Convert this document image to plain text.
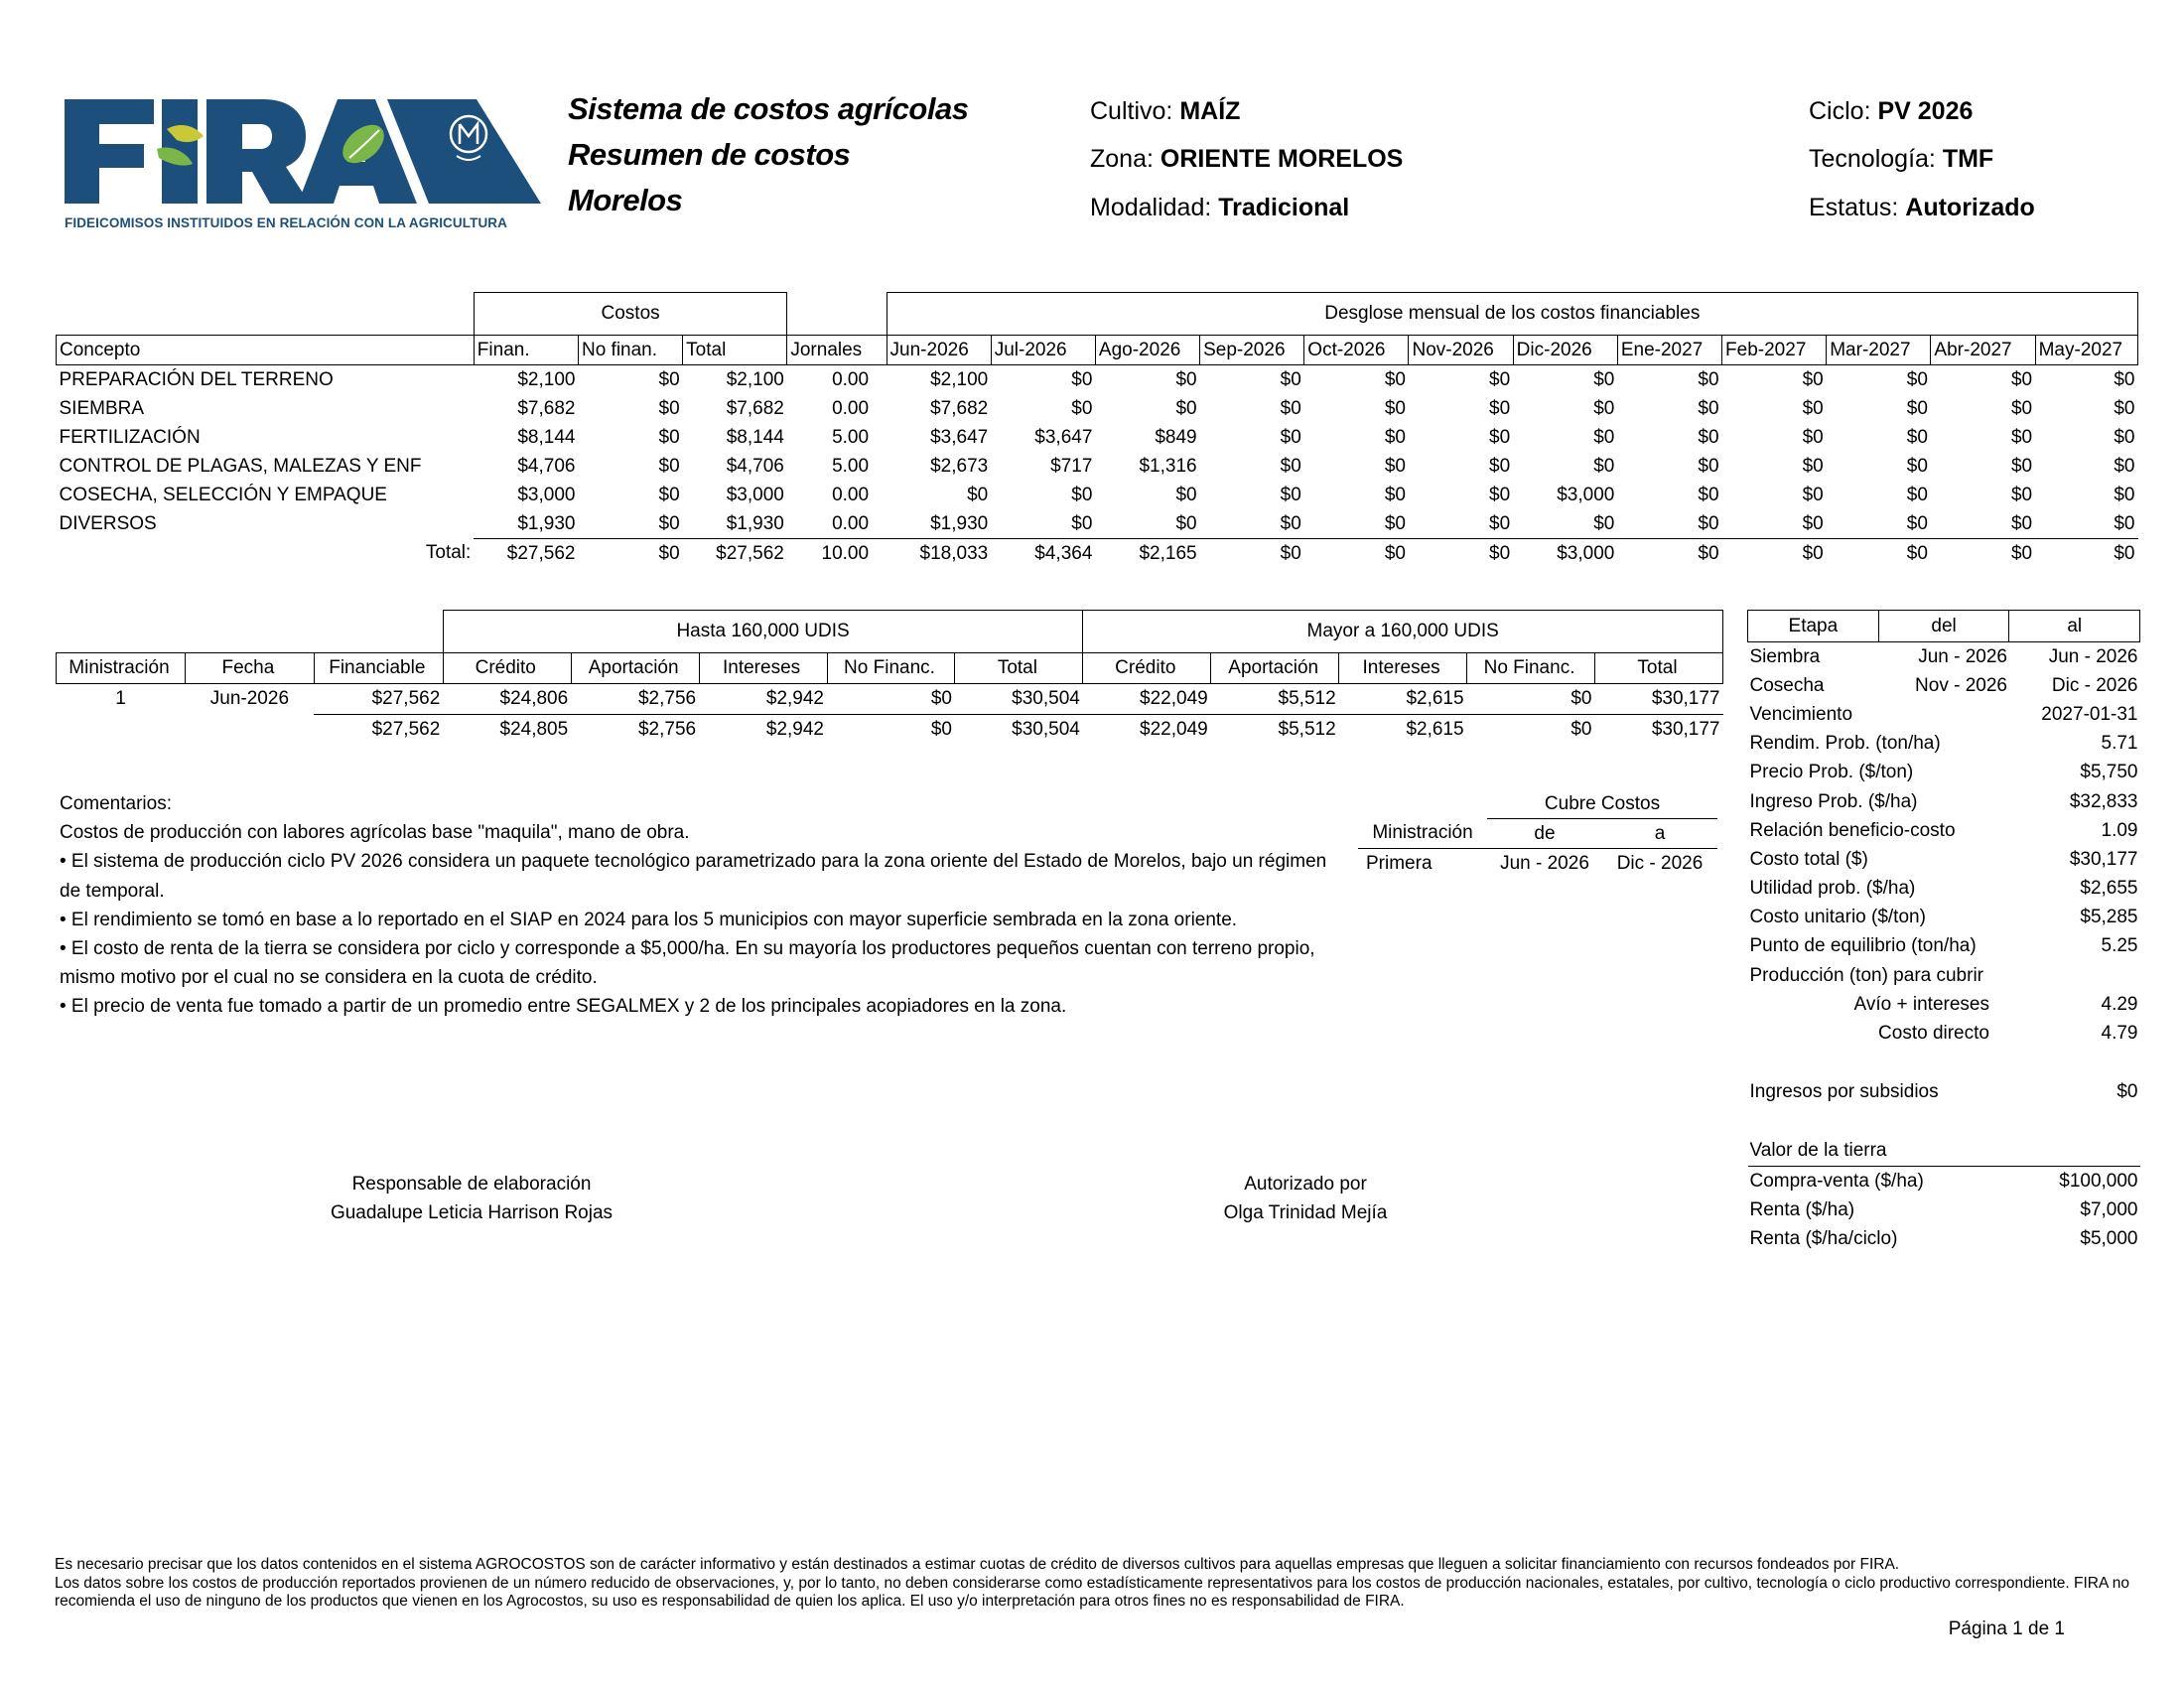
FIDEICOMISOS INSTITUIDOS EN RELACIÓN CON LA AGRICULTURA
Sistema de costos agrícolas
Resumen de costos
Morelos
Cultivo: MAÍZ
Zona: ORIENTE MORELOS
Modalidad: Tradicional
Ciclo: PV 2026
Tecnología: TMF
Estatus: Autorizado
	Costos				Desglose mensual de los costos financiables											
Concepto	Finan.	No finan.	Total	Jornales	Jun-2026	Jul-2026	Ago-2026	Sep-2026	Oct-2026	Nov-2026	Dic-2026	Ene-2027	Feb-2027	Mar-2027	Abr-2027	May-2027
PREPARACIÓN DEL TERRENO	$2,100	$0	$2,100	0.00	$2,100	$0	$0	$0	$0	$0	$0	$0	$0	$0	$0	$0
SIEMBRA	$7,682	$0	$7,682	0.00	$7,682	$0	$0	$0	$0	$0	$0	$0	$0	$0	$0	$0
FERTILIZACIÓN	$8,144	$0	$8,144	5.00	$3,647	$3,647	$849	$0	$0	$0	$0	$0	$0	$0	$0	$0
CONTROL DE PLAGAS, MALEZAS Y ENF	$4,706	$0	$4,706	5.00	$2,673	$717	$1,316	$0	$0	$0	$0	$0	$0	$0	$0	$0
COSECHA, SELECCIÓN Y EMPAQUE	$3,000	$0	$3,000	0.00	$0	$0	$0	$0	$0	$0	$3,000	$0	$0	$0	$0	$0
DIVERSOS	$1,930	$0	$1,930	0.00	$1,930	$0	$0	$0	$0	$0	$0	$0	$0	$0	$0	$0
Total:	$27,562	$0	$27,562	10.00	$18,033	$4,364	$2,165	$0	$0	$0	$3,000	$0	$0	$0	$0	$0
			Hasta 160,000 UDIS					Mayor a 160,000 UDIS				
Ministración	Fecha	Financiable	Crédito	Aportación	Intereses	No Financ.	Total	Crédito	Aportación	Intereses	No Financ.	Total
1	Jun-2026	$27,562	$24,806	$2,756	$2,942	$0	$30,504	$22,049	$5,512	$2,615	$0	$30,177
		$27,562	$24,805	$2,756	$2,942	$0	$30,504	$22,049	$5,512	$2,615	$0	$30,177
Etapa	del	al
Siembra	Jun - 2026	Jun - 2026
Cosecha	Nov - 2026	Dic - 2026
Vencimiento		2027-01-31
Rendim. Prob. (ton/ha)		5.71
Precio Prob. ($/ton)		$5,750
Ingreso Prob. ($/ha)		$32,833
Relación beneficio-costo		1.09
Costo total ($)		$30,177
Utilidad prob. ($/ha)		$2,655
Costo unitario ($/ton)		$5,285
Punto de equilibrio (ton/ha)		5.25
Producción (ton) para cubrir		
Avío + intereses		4.29
Costo directo		4.79

Ingresos por subsidios		$0

Valor de la tierra		
Compra-venta ($/ha)		$100,000
Renta ($/ha)		$7,000
Renta ($/ha/ciclo)		$5,000
	Cubre Costos	
Ministración	de	a
Primera	Jun - 2026	Dic - 2026
Comentarios:
Costos de producción con labores agrícolas base "maquila", mano de obra.
• El sistema de producción ciclo PV 2026 considera un paquete tecnológico parametrizado para la zona oriente del Estado de Morelos, bajo un régimen de temporal.
• El rendimiento se tomó en base a lo reportado en el SIAP en 2024 para los 5 municipios con mayor superficie sembrada en la zona oriente.
• El costo de renta de la tierra se considera por ciclo y corresponde a $5,000/ha. En su mayoría los productores pequeños cuentan con terreno propio, mismo motivo por el cual no se considera en la cuota de crédito.
• El precio de venta fue tomado a partir de un promedio entre SEGALMEX y 2 de los principales acopiadores en la zona.
Responsable de elaboración
Guadalupe Leticia Harrison Rojas
Autorizado por
Olga Trinidad Mejía
Es necesario precisar que los datos contenidos en el sistema AGROCOSTOS son de carácter informativo y están destinados a estimar cuotas de crédito de diversos cultivos para aquellas empresas que lleguen a solicitar financiamiento con recursos fondeados por FIRA.
Los datos sobre los costos de producción reportados provienen de un número reducido de observaciones, y, por lo tanto, no deben considerarse como estadísticamente representativos para los costos de producción nacionales, estatales, por cultivo, tecnología o ciclo productivo correspondiente. FIRA no recomienda el uso de ninguno de los productos que vienen en los Agrocostos, su uso es responsabilidad de quien los aplica. El uso y/o interpretación para otros fines no es responsabilidad de FIRA.
Página 1 de 1
